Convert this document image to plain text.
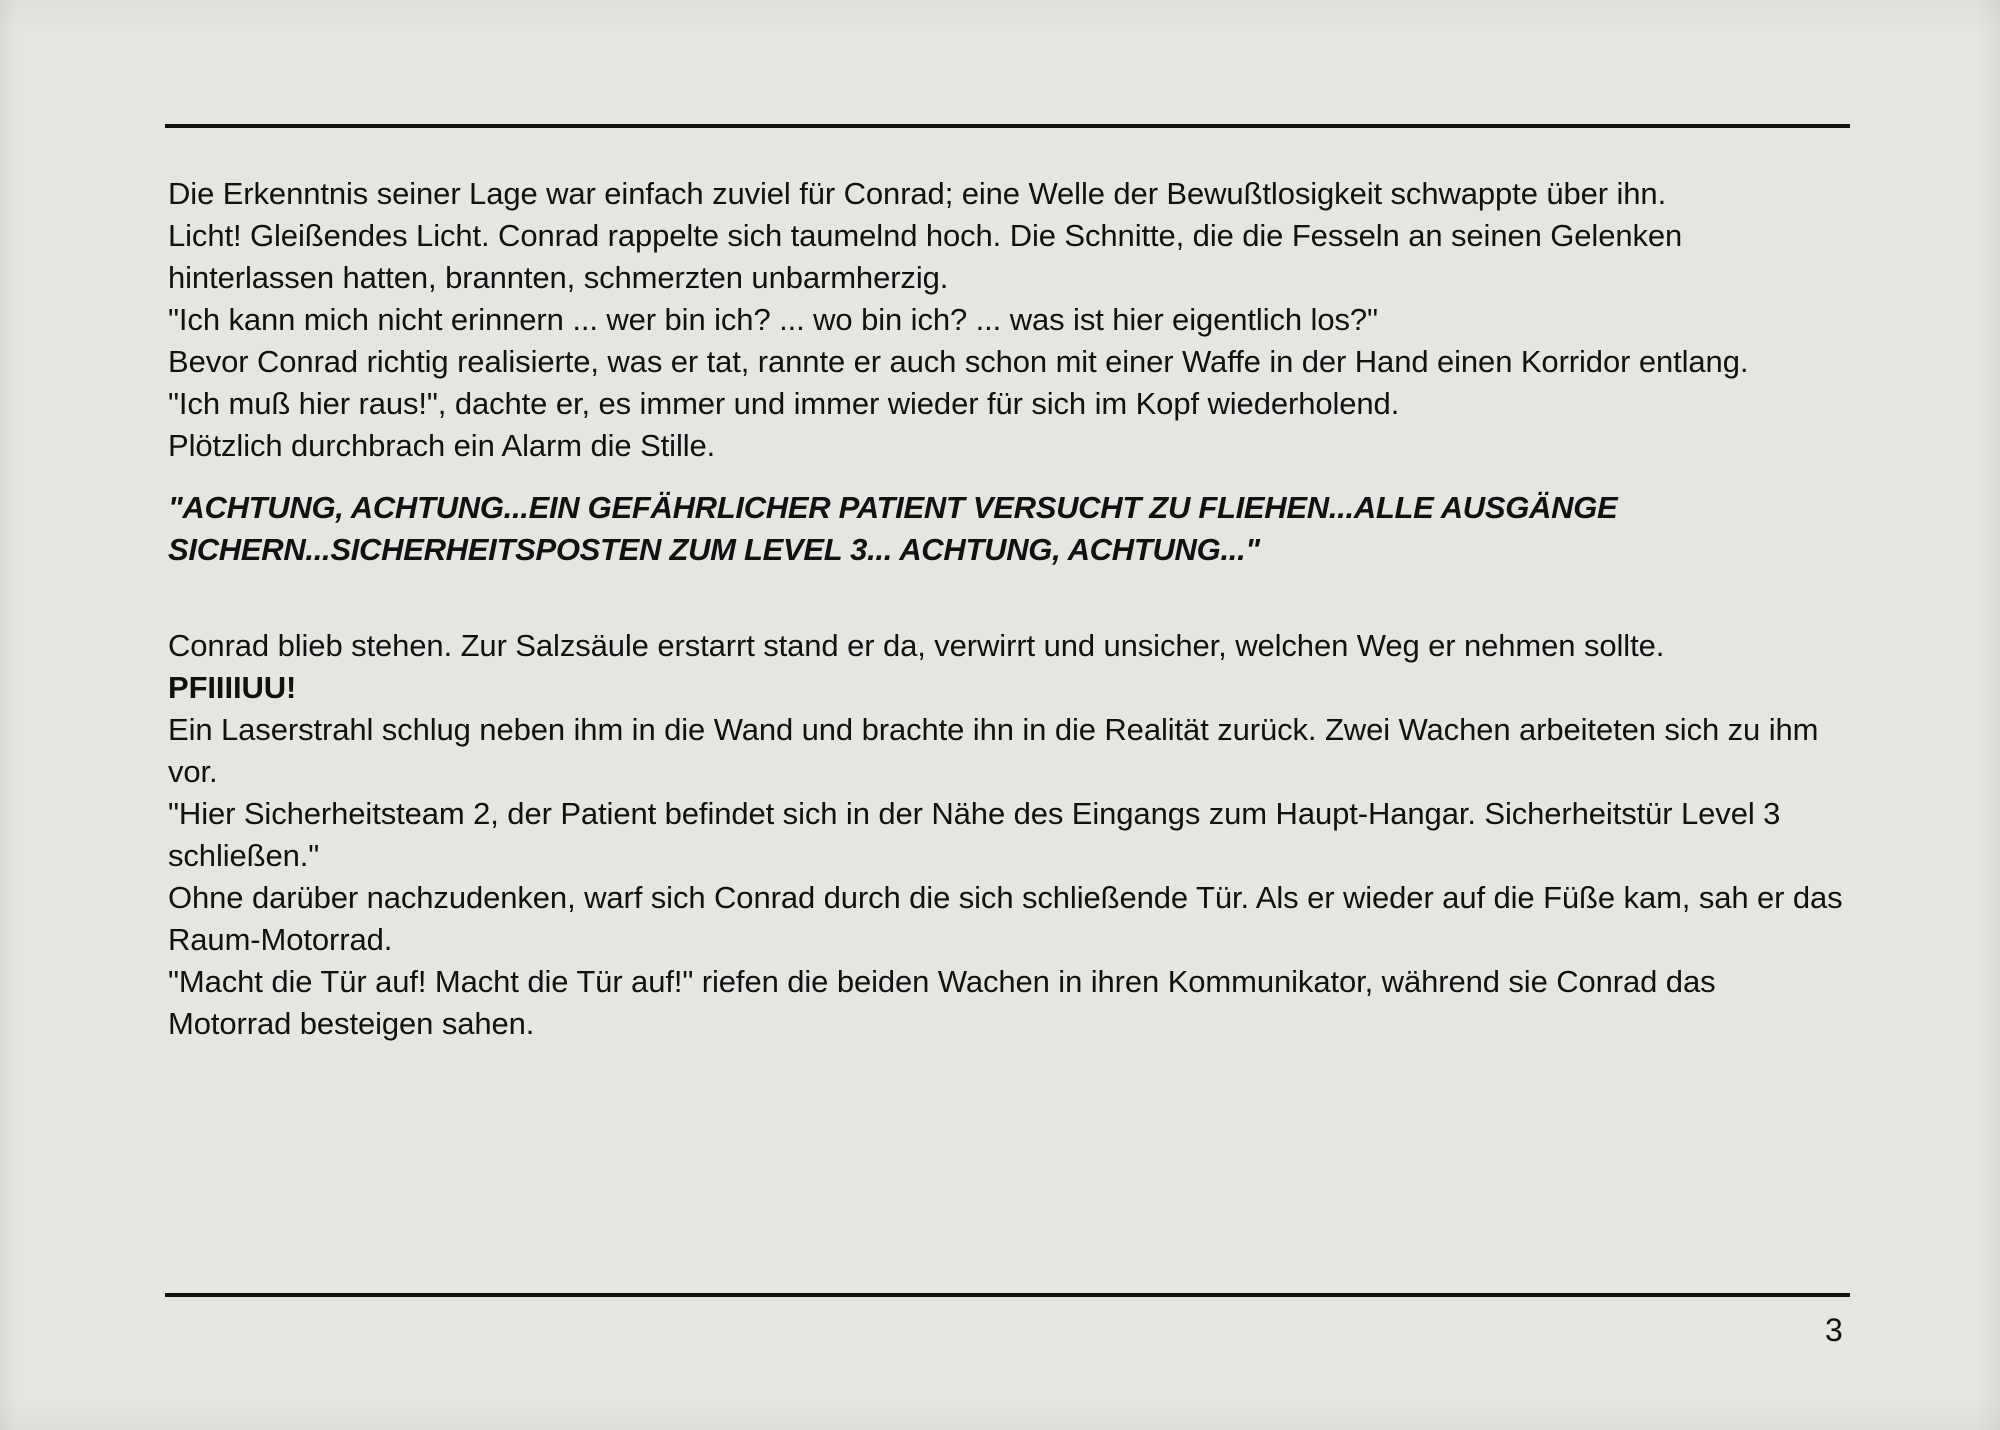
Die Erkenntnis seiner Lage war einfach zuviel für Conrad; eine Welle der Bewußtlosigkeit schwappte über ihn.

Licht! Gleißendes Licht. Conrad rappelte sich taumelnd hoch. Die Schnitte, die die Fesseln an seinen Gelenken hinterlassen hatten, brannten, schmerzten unbarmherzig.

"Ich kann mich nicht erinnern ... wer bin ich? ... wo bin ich? ... was ist hier eigentlich los?"

Bevor Conrad richtig realisierte, was er tat, rannte er auch schon mit einer Waffe in der Hand einen Korridor entlang.

"Ich muß hier raus!", dachte er, es immer und immer wieder für sich im Kopf wiederholend.

Plötzlich durchbrach ein Alarm die Stille.

"ACHTUNG, ACHTUNG...EIN GEFÄHRLICHER PATIENT VERSUCHT ZU FLIEHEN...ALLE AUSGÄNGE SICHERN...SICHERHEITSPOSTEN ZUM LEVEL 3... ACHTUNG, ACHTUNG..."

Conrad blieb stehen. Zur Salzsäule erstarrt stand er da, verwirrt und unsicher, welchen Weg er nehmen sollte.

PFIIIIUU!

Ein Laserstrahl schlug neben ihm in die Wand und brachte ihn in die Realität zurück. Zwei Wachen arbeiteten sich zu ihm vor.

"Hier Sicherheitsteam 2, der Patient befindet sich in der Nähe des Eingangs zum Haupt-Hangar. Sicherheitstür Level 3 schließen."

Ohne darüber nachzudenken, warf sich Conrad durch die sich schließende Tür. Als er wieder auf die Füße kam, sah er das Raum-Motorrad.

"Macht die Tür auf! Macht die Tür auf!" riefen die beiden Wachen in ihren Kommunikator, während sie Conrad das Motorrad besteigen sahen.

3
